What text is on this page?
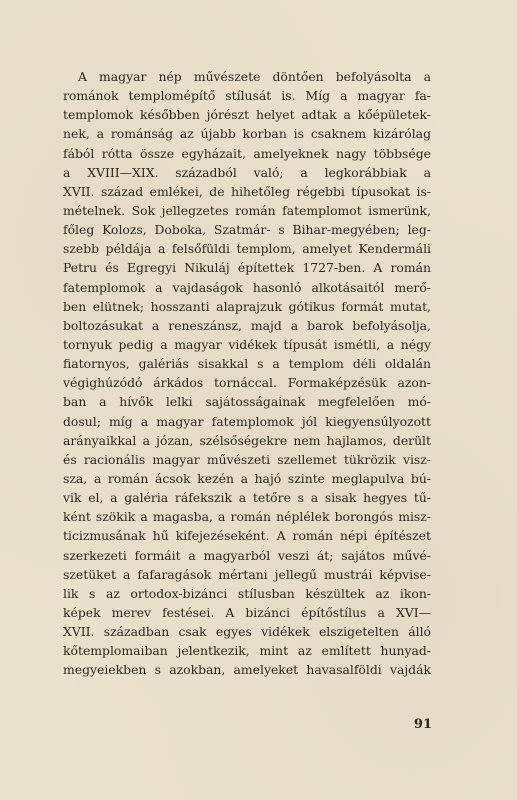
A magyar nép művészete döntően befolyásolta a
románok templomépítő stílusát is. Míg a magyar fa-
templomok későbben jórészt helyet adtak a kőépületek-
nek, a románság az újabb korban is csaknem kizárólag
fából rótta össze egyházait, amelyeknek nagy többsége
a XVIII—XIX. századból való; a legkorábbiak a
XVII. század emlékei, de hihetőleg régebbi típusokat is-
mételnek. Sok jellegzetes román fatemplomot ismerünk,
főleg Kolozs, Doboka, Szatmár- s Bihar-megyében; leg-
szebb példája a felsőfüldi templom, amelyet Kendermáli
Petru és Egregyi Nikuláj építettek 1727-ben. A román
fatemplomok a vajdaságok hasonló alkotásaitól merő-
ben elütnek; hosszanti alaprajzuk gótikus formát mutat,
boltozásukat a reneszánsz, majd a barok befolyásolja,
tornyuk pedig a magyar vidékek típusát ismétli, a négy
fiatornyos, galériás sisakkal s a templom déli oldalán
végighúzódó árkádos tornáccal. Formaképzésük azon-
ban a hívők lelki sajátosságainak megfelelően mó-
dosul; míg a magyar fatemplomok jól kiegyensúlyozott
arányaikkal a józan, szélsőségekre nem hajlamos, derült
és racionális magyar művészeti szellemet tükrözik visz-
sza, a román ácsok kezén a hajó szinte meglapulva bú-
vik el, a galéria ráfekszik a tetőre s a sisak hegyes tű-
ként szökik a magasba, a román néplélek borongós misz-
ticizmusának hű kifejezéseként. A román népi építészet
szerkezeti formáit a magyarból veszi át; sajátos művé-
szetüket a fafaragások mértani jellegű mustrái képvise-
lik s az ortodox-bizánci stílusban készültek az ikon-
képek merev festései. A bizánci építőstílus a XVI—
XVII. században csak egyes vidékek elszigetelten álló
kőtemplomaiban jelentkezik, mint az említett hunyad-
megyeiekben s azokban, amelyeket havasalföldi vajdák
91
